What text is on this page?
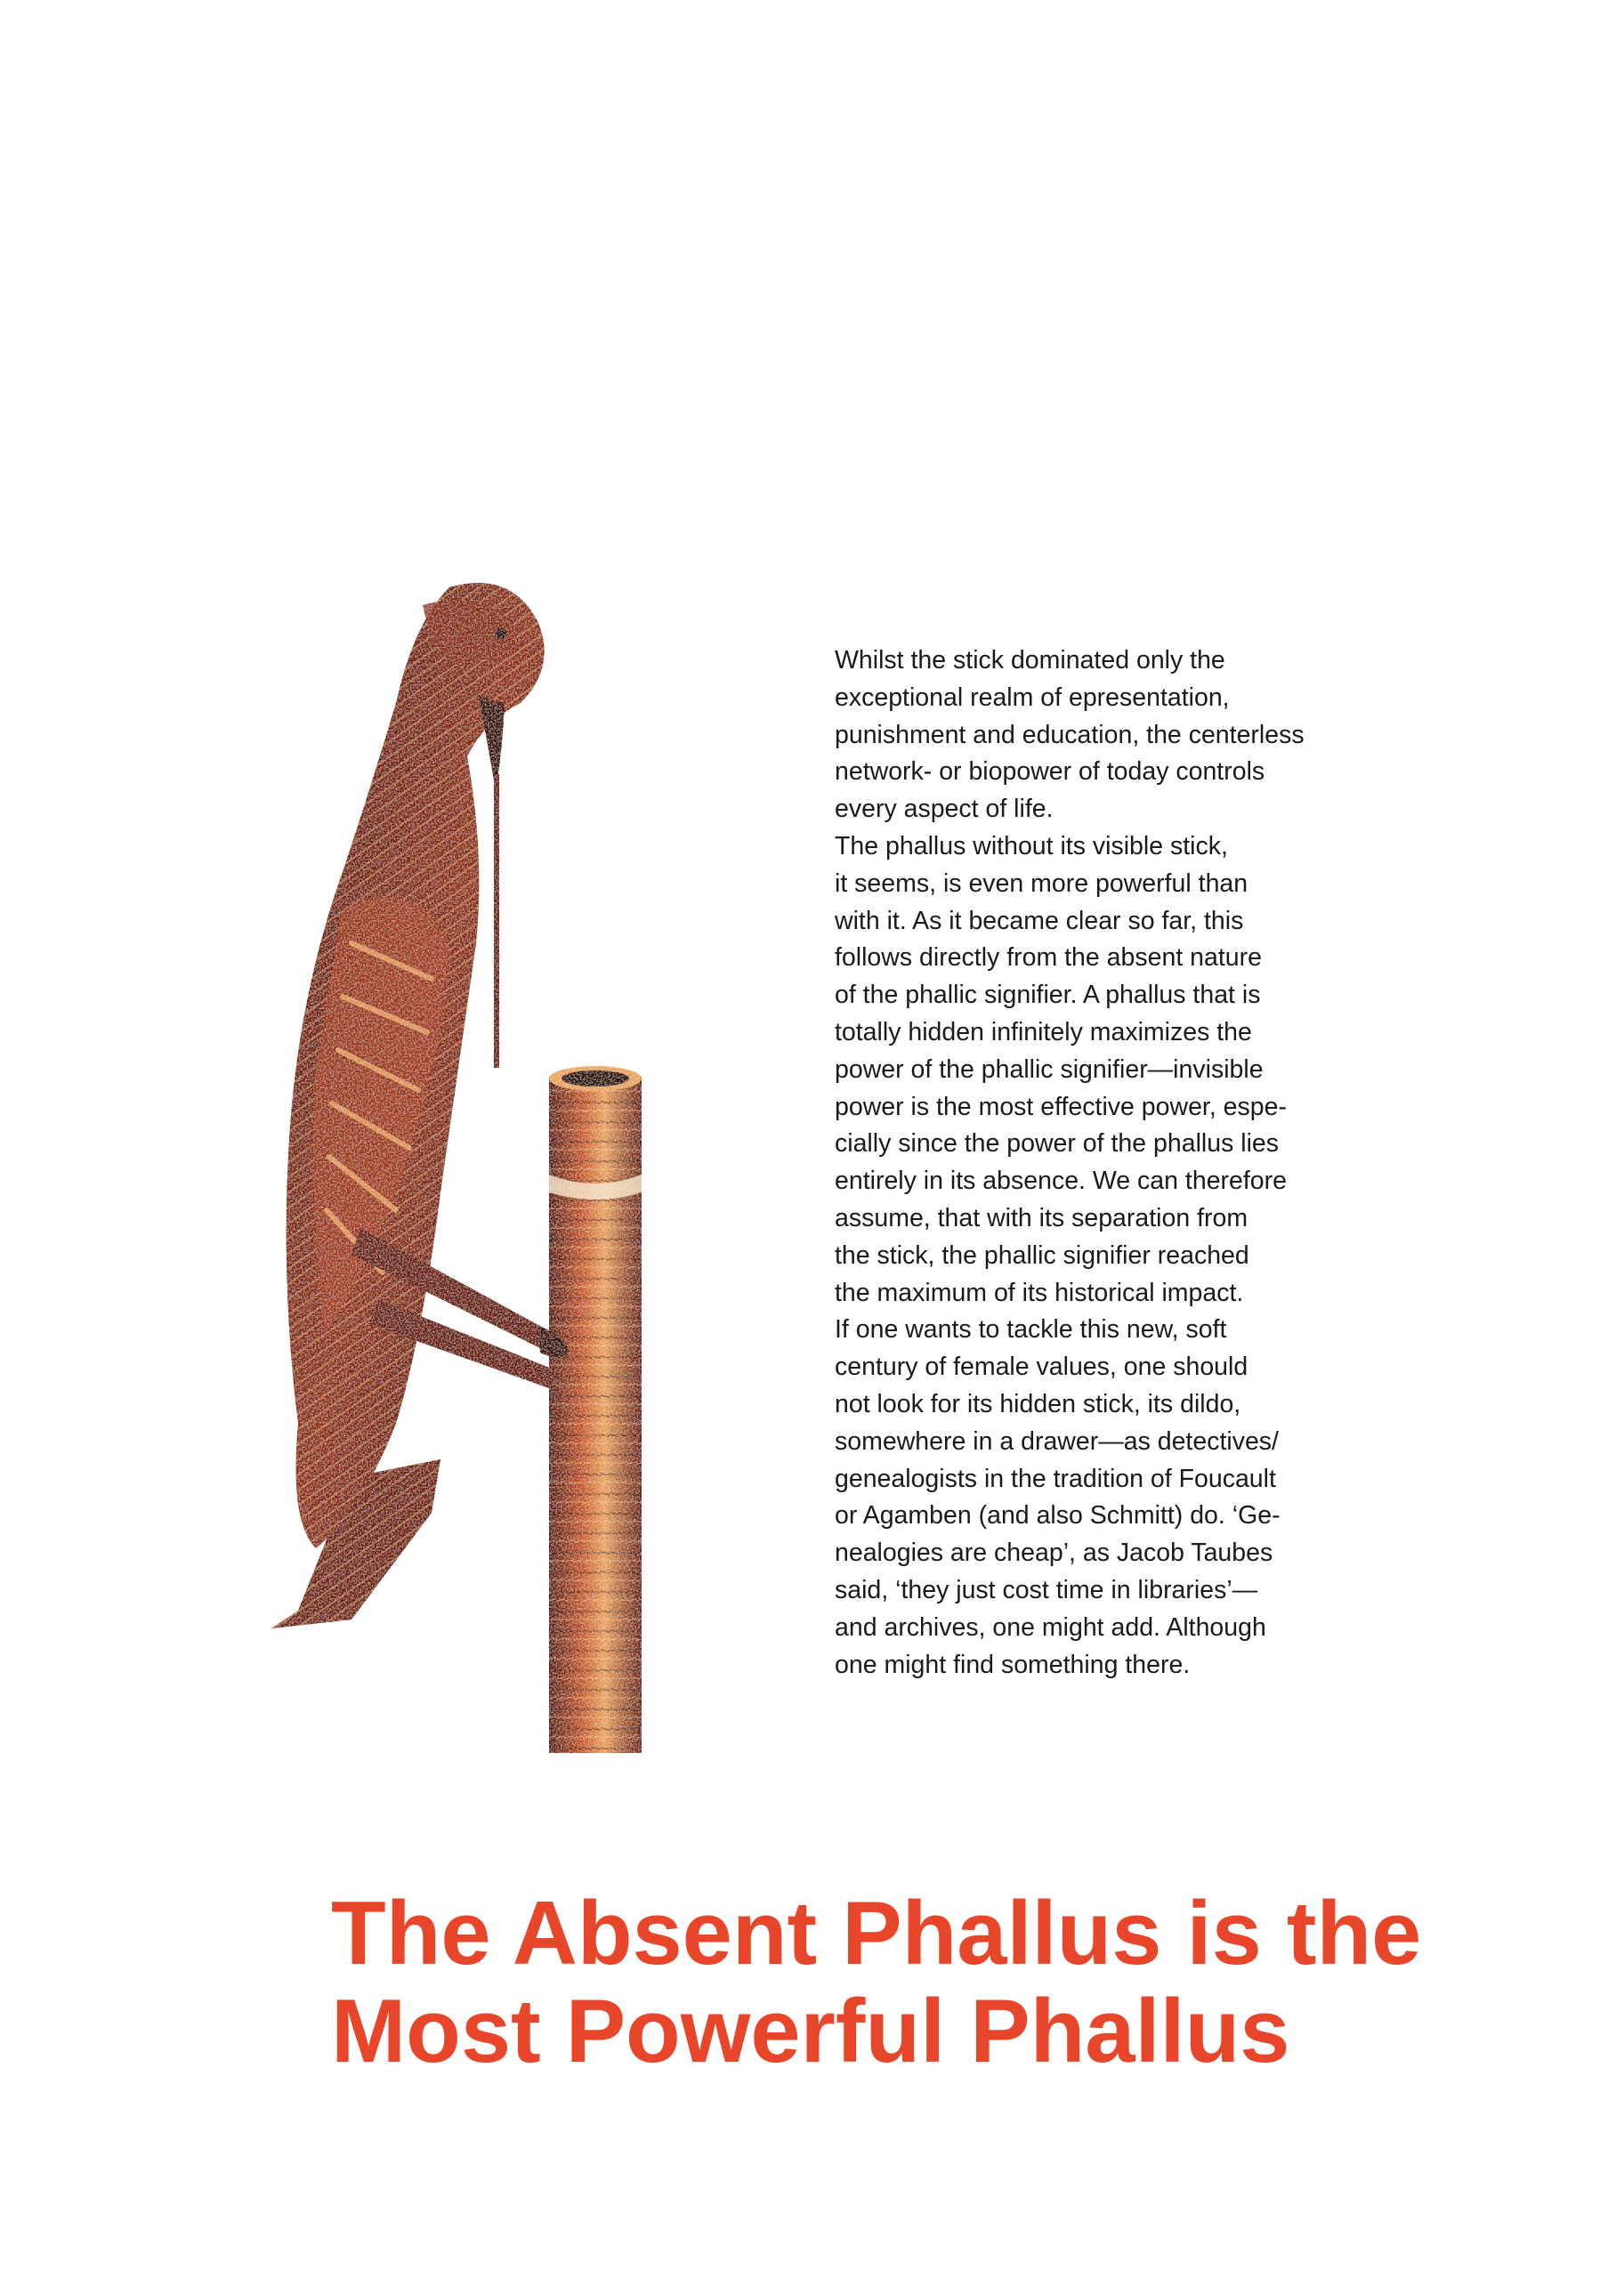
Whilst the stick dominated only the
exceptional realm of epresentation,
punishment and education, the centerless
network- or biopower of today controls
every aspect of life.
The phallus without its visible stick,
it seems, is even more powerful than
with it. As it became clear so far, this
follows directly from the absent nature
of the phallic signifier. A phallus that is
totally hidden infinitely maximizes the
power of the phallic signifier—invisible
power is the most effective power, espe-
cially since the power of the phallus lies
entirely in its absence. We can therefore
assume, that with its separation from
the stick, the phallic signifier reached
the maximum of its historical impact.
If one wants to tackle this new, soft
century of female values, one should
not look for its hidden stick, its dildo,
somewhere in a drawer—as detectives/
genealogists in the tradition of Foucault
or Agamben (and also Schmitt) do. ‘Ge-
nealogies are cheap’, as Jacob Taubes
said, ‘they just cost time in libraries’—
and archives, one might add. Although
one might find something there.
The Absent Phallus is the
Most Powerful Phallus
